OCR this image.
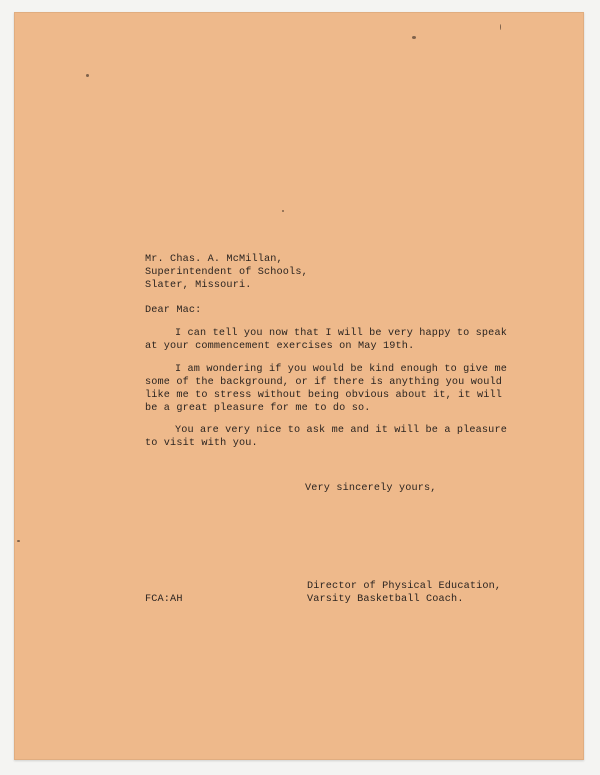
Mr. Chas. A. McMillan,

Superintendent of Schools,

Slater, Missouri.

Dear Mac:

I can tell you now that I will be very happy to speak
at your commencement exercises on May 19th.

I am wondering if you would be kind enough to give me
some of the background, or if there is anything you would
like me to stress without being obvious about it, it will
be a great pleasure for me to do so.

You are very nice to ask me and it will be a pleasure
to visit with you.

Very sincerely yours,

Director of Physical Education,

Varsity Basketball Coach.

FCA:AH
